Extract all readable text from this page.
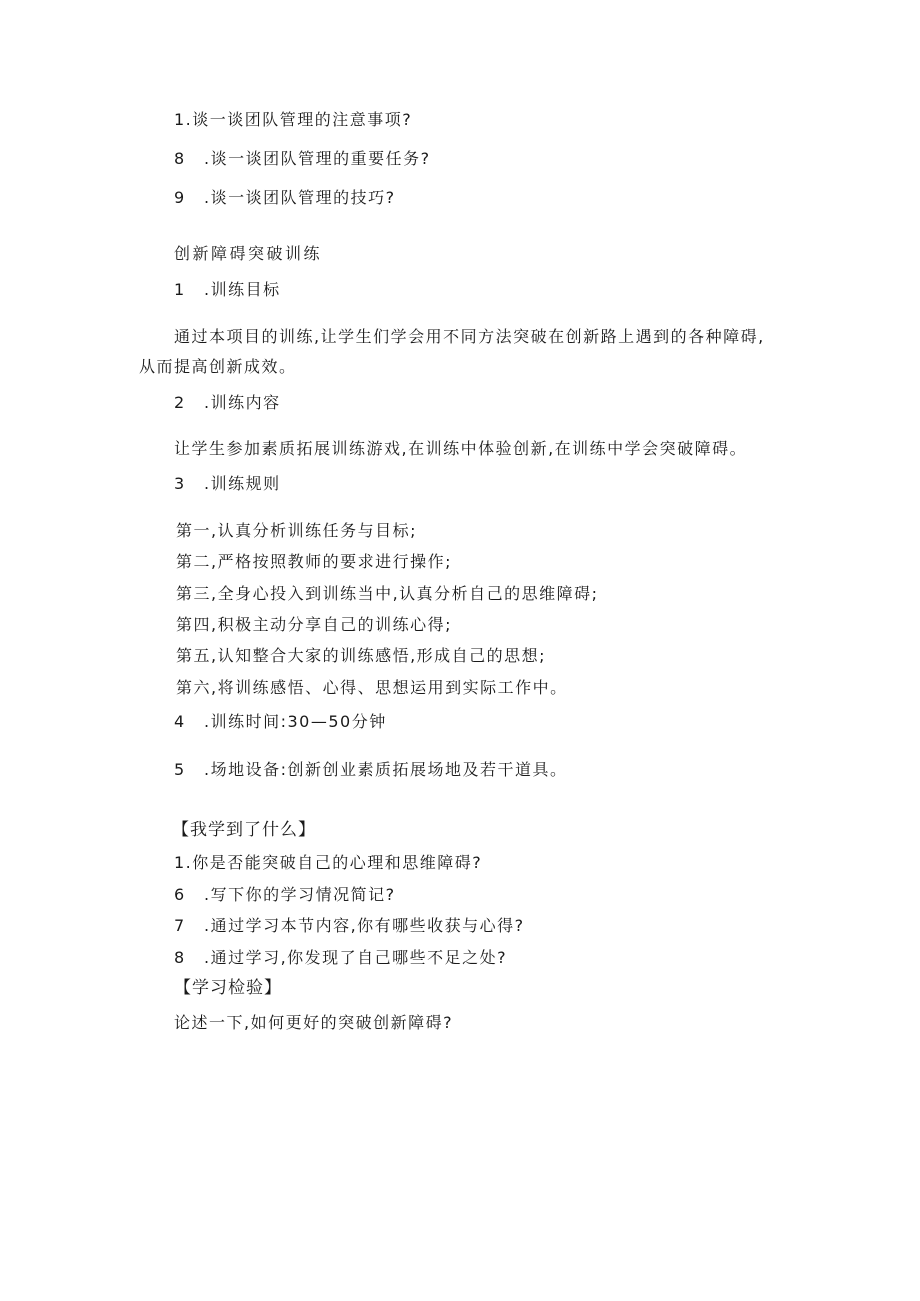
1.谈一谈团队管理的注意事项?
8 .谈一谈团队管理的重要任务?
9 .谈一谈团队管理的技巧?
创新障碍突破训练
1 .训练目标
通过本项目的训练,让学生们学会用不同方法突破在创新路上遇到的各种障碍,
从而提高创新成效。
2 .训练内容
让学生参加素质拓展训练游戏,在训练中体验创新,在训练中学会突破障碍。
3 .训练规则
第一,认真分析训练任务与目标;
第二,严格按照教师的要求进行操作;
第三,全身心投入到训练当中,认真分析自己的思维障碍;
第四,积极主动分享自己的训练心得;
第五,认知整合大家的训练感悟,形成自己的思想;
第六,将训练感悟、心得、思想运用到实际工作中。
4 .训练时间:30—50分钟
5 .场地设备:创新创业素质拓展场地及若干道具。
【我学到了什么】
1.你是否能突破自己的心理和思维障碍?
6 .写下你的学习情况简记?
7 .通过学习本节内容,你有哪些收获与心得?
8 .通过学习,你发现了自己哪些不足之处?
【学习检验】
论述一下,如何更好的突破创新障碍?
